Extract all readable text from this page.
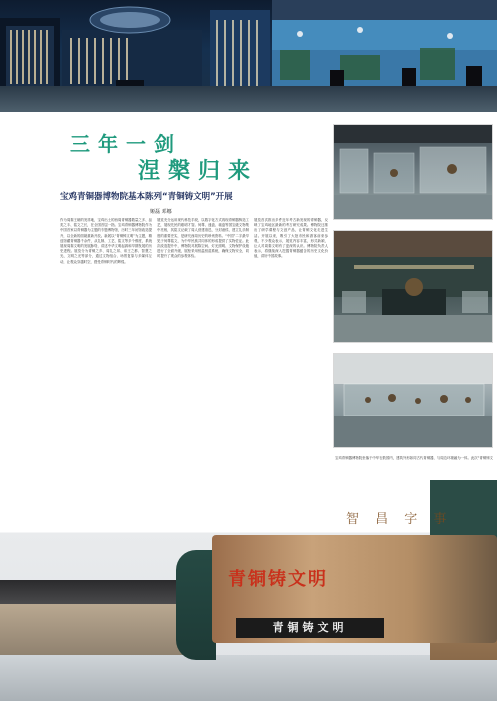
三年一剑
涅槃归来
宝鸡青铜器博物院基本陈列“青铜铸文明”开展
姬磊 邓娜
作为周秦王朝的发祥地，宝鸡出土的西周青铜器数量之多、品类之丰、铭文之长，在全国首屈一指。宝鸡青铜器博物院作为中国首家以青铜器为主题的专题博物馆，历时三年闭馆改造提升，以全新的面貌重新开放。新展以“青铜铸文明”为主题，精选馆藏青铜器千余件，从礼制、工艺、铭文等多个维度，系统展现周秦文明的发展脉络，讲述中华文明起源和早期发展的历史进程。展览分为青铜之乡、周礼之邦、帝王之都、智慧之光、文明之光等部分，通过文物组合、场景复原与多媒体互动，让观众穿越时空，感受青铜时代的辉煌。
展览充分运用现代科技手段，以数字化方式再现青铜器铸造工艺，展现先民的聪明才智。何尊、逨盘、墙盘等国宝级文物集中亮相，其铭文记载了周人营建洛邑、分封诸侯、建立礼乐制度的重要史实，是研究西周历史的珍贵资料。“中国”二字最早见于何尊铭文，为中华民族共同体的形成提供了实物佐证。此次改造提升中，博物院对展陈空间、灯光照明、文物保护设施进行了全面升级，展柜采用恒温恒湿系统，确保文物安全，同时提升了观众的参观体验。
展览首次推出多件近年考古新发现的青铜器，反映了宝鸡地区最新的考古研究成果。博物院还推出了研学课程与文创产品，让青铜文化走进生活。开展以来，吸引了大批市民和游客前来参观，不少观众表示，展览内容丰富，形式新颖，让人对周秦文明有了更深的认识。博物院负责人表示，将继续深入挖掘青铜器蕴含的历史文化价值，讲好中国故事。
宝鸡青铜器博物院坐落于中华石鼓园内，建筑外形如同古代青铜器，与周边环境融为一体。此次“青铜铸文
智 昌 字 事
青铜铸文明
青铜铸文明
